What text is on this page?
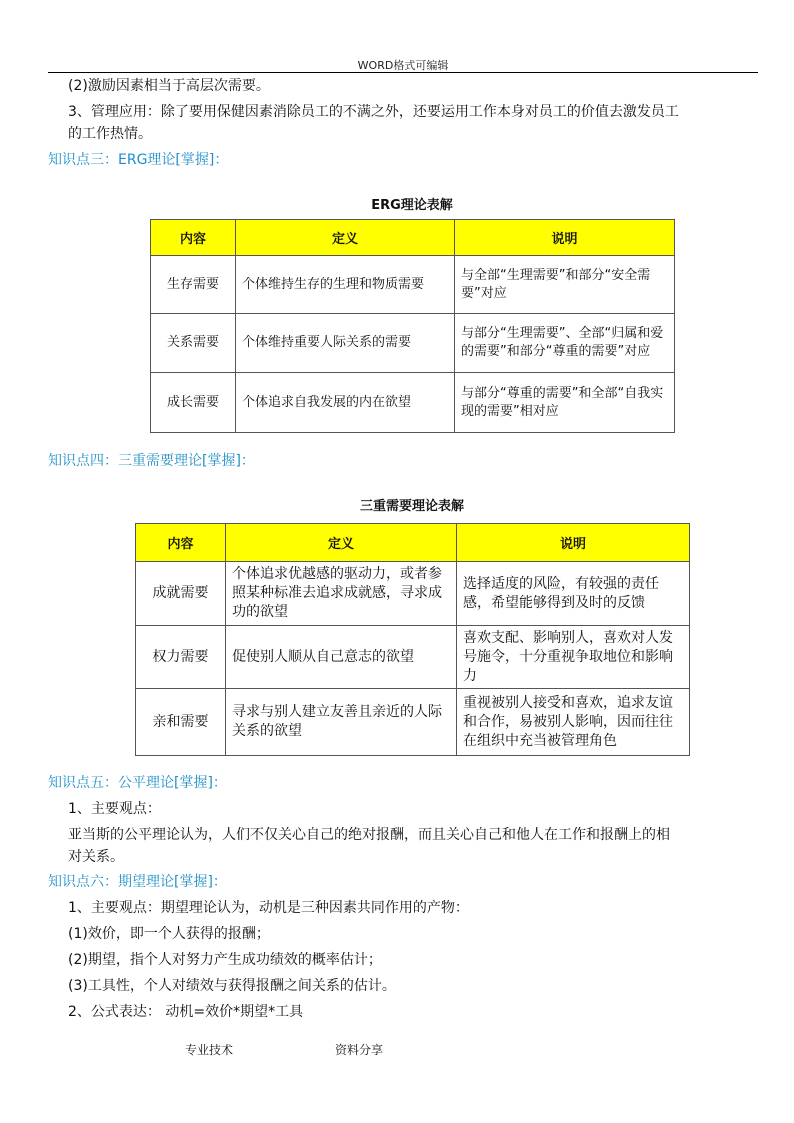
WORD格式可编辑

(2)激励因素相当于高层次需要。

3、管理应用：除了要用保健因素消除员工的不满之外，还要运用工作本身对员工的价值去激发员工

的工作热情。

知识点三：ERG理论[掌握]：

ERG理论表解
内容	定义	说明
生存需要	个体维持生存的生理和物质需要	与全部“生理需要”和部分“安全需要”对应
关系需要	个体维持重要人际关系的需要	与部分“生理需要”、全部“归属和爱的需要”和部分“尊重的需要”对应
成长需要	个体追求自我发展的内在欲望	与部分“尊重的需要”和全部“自我实现的需要”相对应

知识点四：三重需要理论[掌握]：

三重需要理论表解
内容	定义	说明
成就需要	个体追求优越感的驱动力，或者参照某种标准去追求成就感，寻求成功的欲望	选择适度的风险，有较强的责任感，希望能够得到及时的反馈
权力需要	促使别人顺从自己意志的欲望	喜欢支配、影响别人，喜欢对人发号施令，十分重视争取地位和影响力
亲和需要	寻求与别人建立友善且亲近的人际关系的欲望	重视被别人接受和喜欢，追求友谊和合作，易被别人影响，因而往往在组织中充当被管理角色

知识点五：公平理论[掌握]：

1、主要观点：

亚当斯的公平理论认为，人们不仅关心自己的绝对报酬，而且关心自己和他人在工作和报酬上的相

对关系。

知识点六：期望理论[掌握]：

1、主要观点：期望理论认为，动机是三种因素共同作用的产物：

(1)效价，即一个人获得的报酬；

(2)期望，指个人对努力产生成功绩效的概率估计；

(3)工具性，个人对绩效与获得报酬之间关系的估计。

2、公式表达： 动机=效价*期望*工具

专业技术	资料分享
